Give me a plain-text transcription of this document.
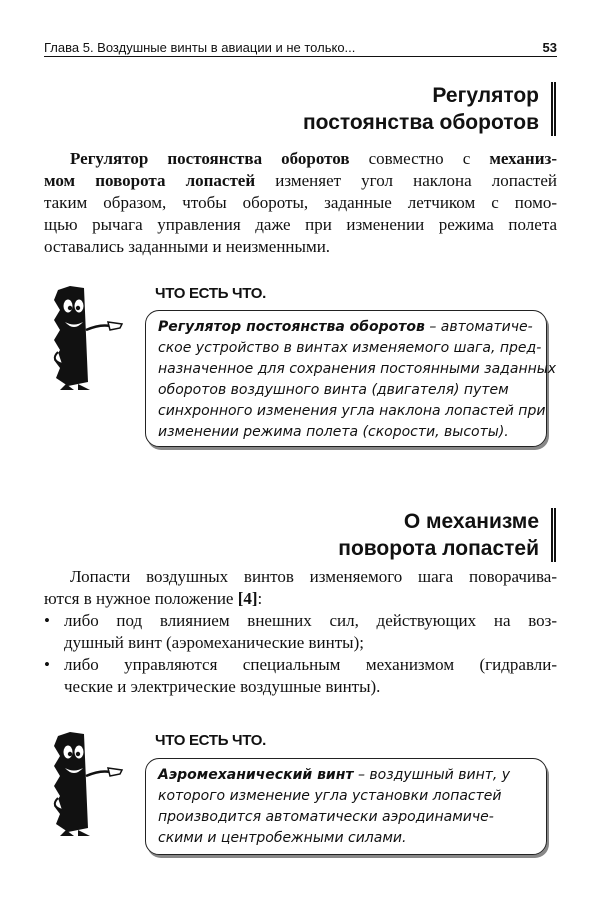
Глава 5. Воздушные винты в авиации и не только...	53
Регулятор
постоянства оборотов
Регулятор постоянства оборотов совместно с механиз-
мом поворота лопастей изменяет угол наклона лопастей
таким образом, чтобы обороты, заданные летчиком с помо-
щью рычага управления даже при изменении режима полета
оставались заданными и неизменными.
ЧТО ЕСТЬ ЧТО.
Регулятор постоянства оборотов – автоматиче-
ское устройство в винтах изменяемого шага, пред-
назначенное для сохранения постоянными заданных
оборотов воздушного винта (двигателя) путем
синхронного изменения угла наклона лопастей при
изменении режима полета (скорости, высоты).
О механизме
поворота лопастей
Лопасти воздушных винтов изменяемого шага поворачива-
ются в нужное положение [4]:
• либо под влиянием внешних сил, действующих на воз-
душный винт (аэромеханические винты);
• либо управляются специальным механизмом (гидравли-
ческие и электрические воздушные винты).
ЧТО ЕСТЬ ЧТО.
Аэромеханический винт – воздушный винт, у
которого изменение угла установки лопастей
производится автоматически аэродинамиче-
скими и центробежными силами.
